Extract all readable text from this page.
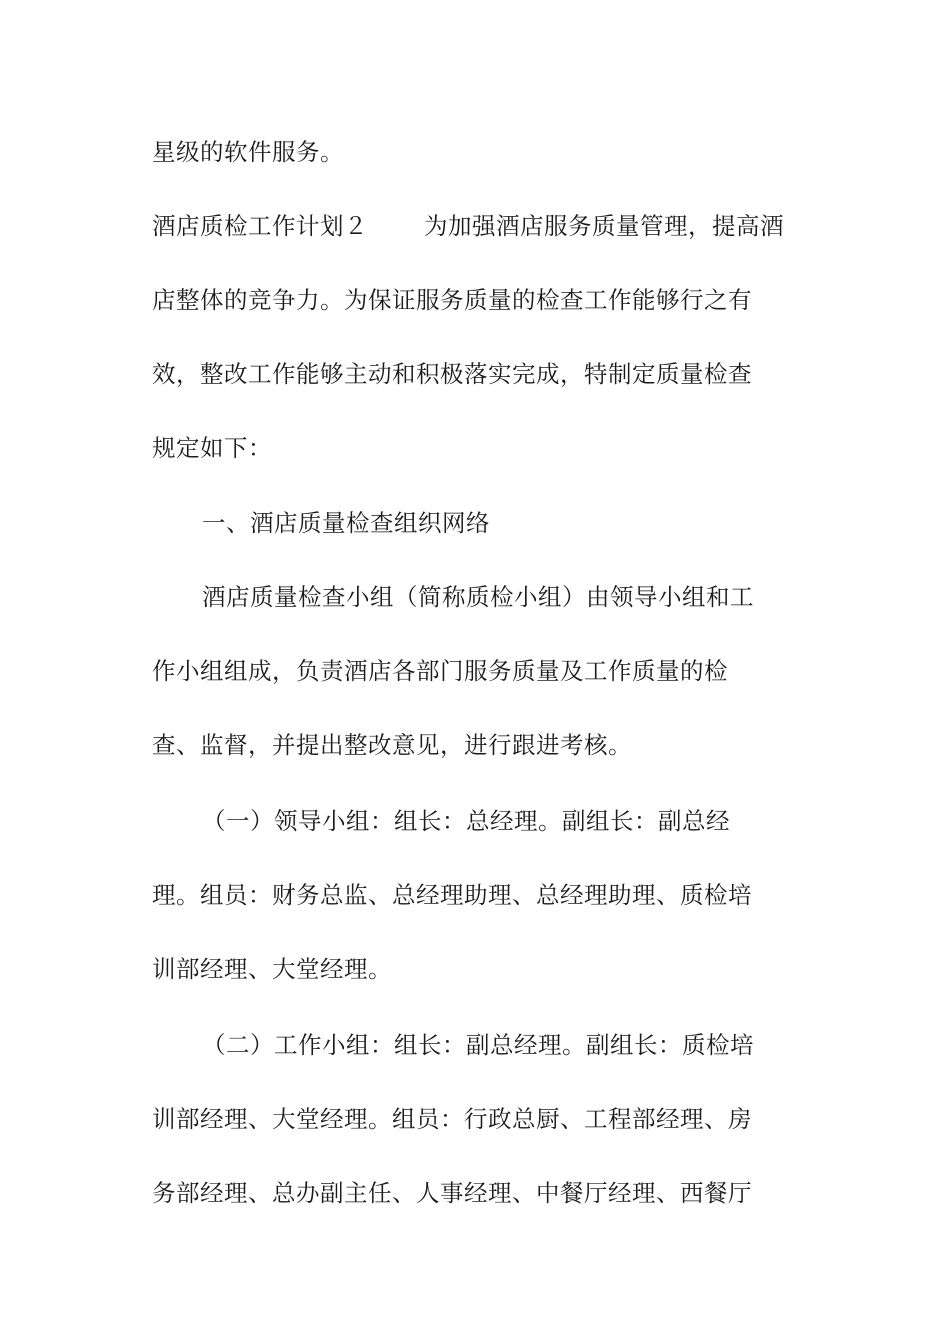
星级的软件服务。
酒店质检工作计划２ 为加强酒店服务质量管理，提高酒
店整体的竞争力。为保证服务质量的检查工作能够行之有
效，整改工作能够主动和积极落实完成，特制定质量检查
规定如下：
一、酒店质量检查组织网络
酒店质量检查小组（简称质检小组）由领导小组和工
作小组组成，负责酒店各部门服务质量及工作质量的检
查、监督，并提出整改意见，进行跟进考核。
（一）领导小组：组长：总经理。副组长：副总经
理。组员：财务总监、总经理助理、总经理助理、质检培
训部经理、大堂经理。
（二）工作小组：组长：副总经理。副组长：质检培
训部经理、大堂经理。组员：行政总厨、工程部经理、房
务部经理、总办副主任、人事经理、中餐厅经理、西餐厅
